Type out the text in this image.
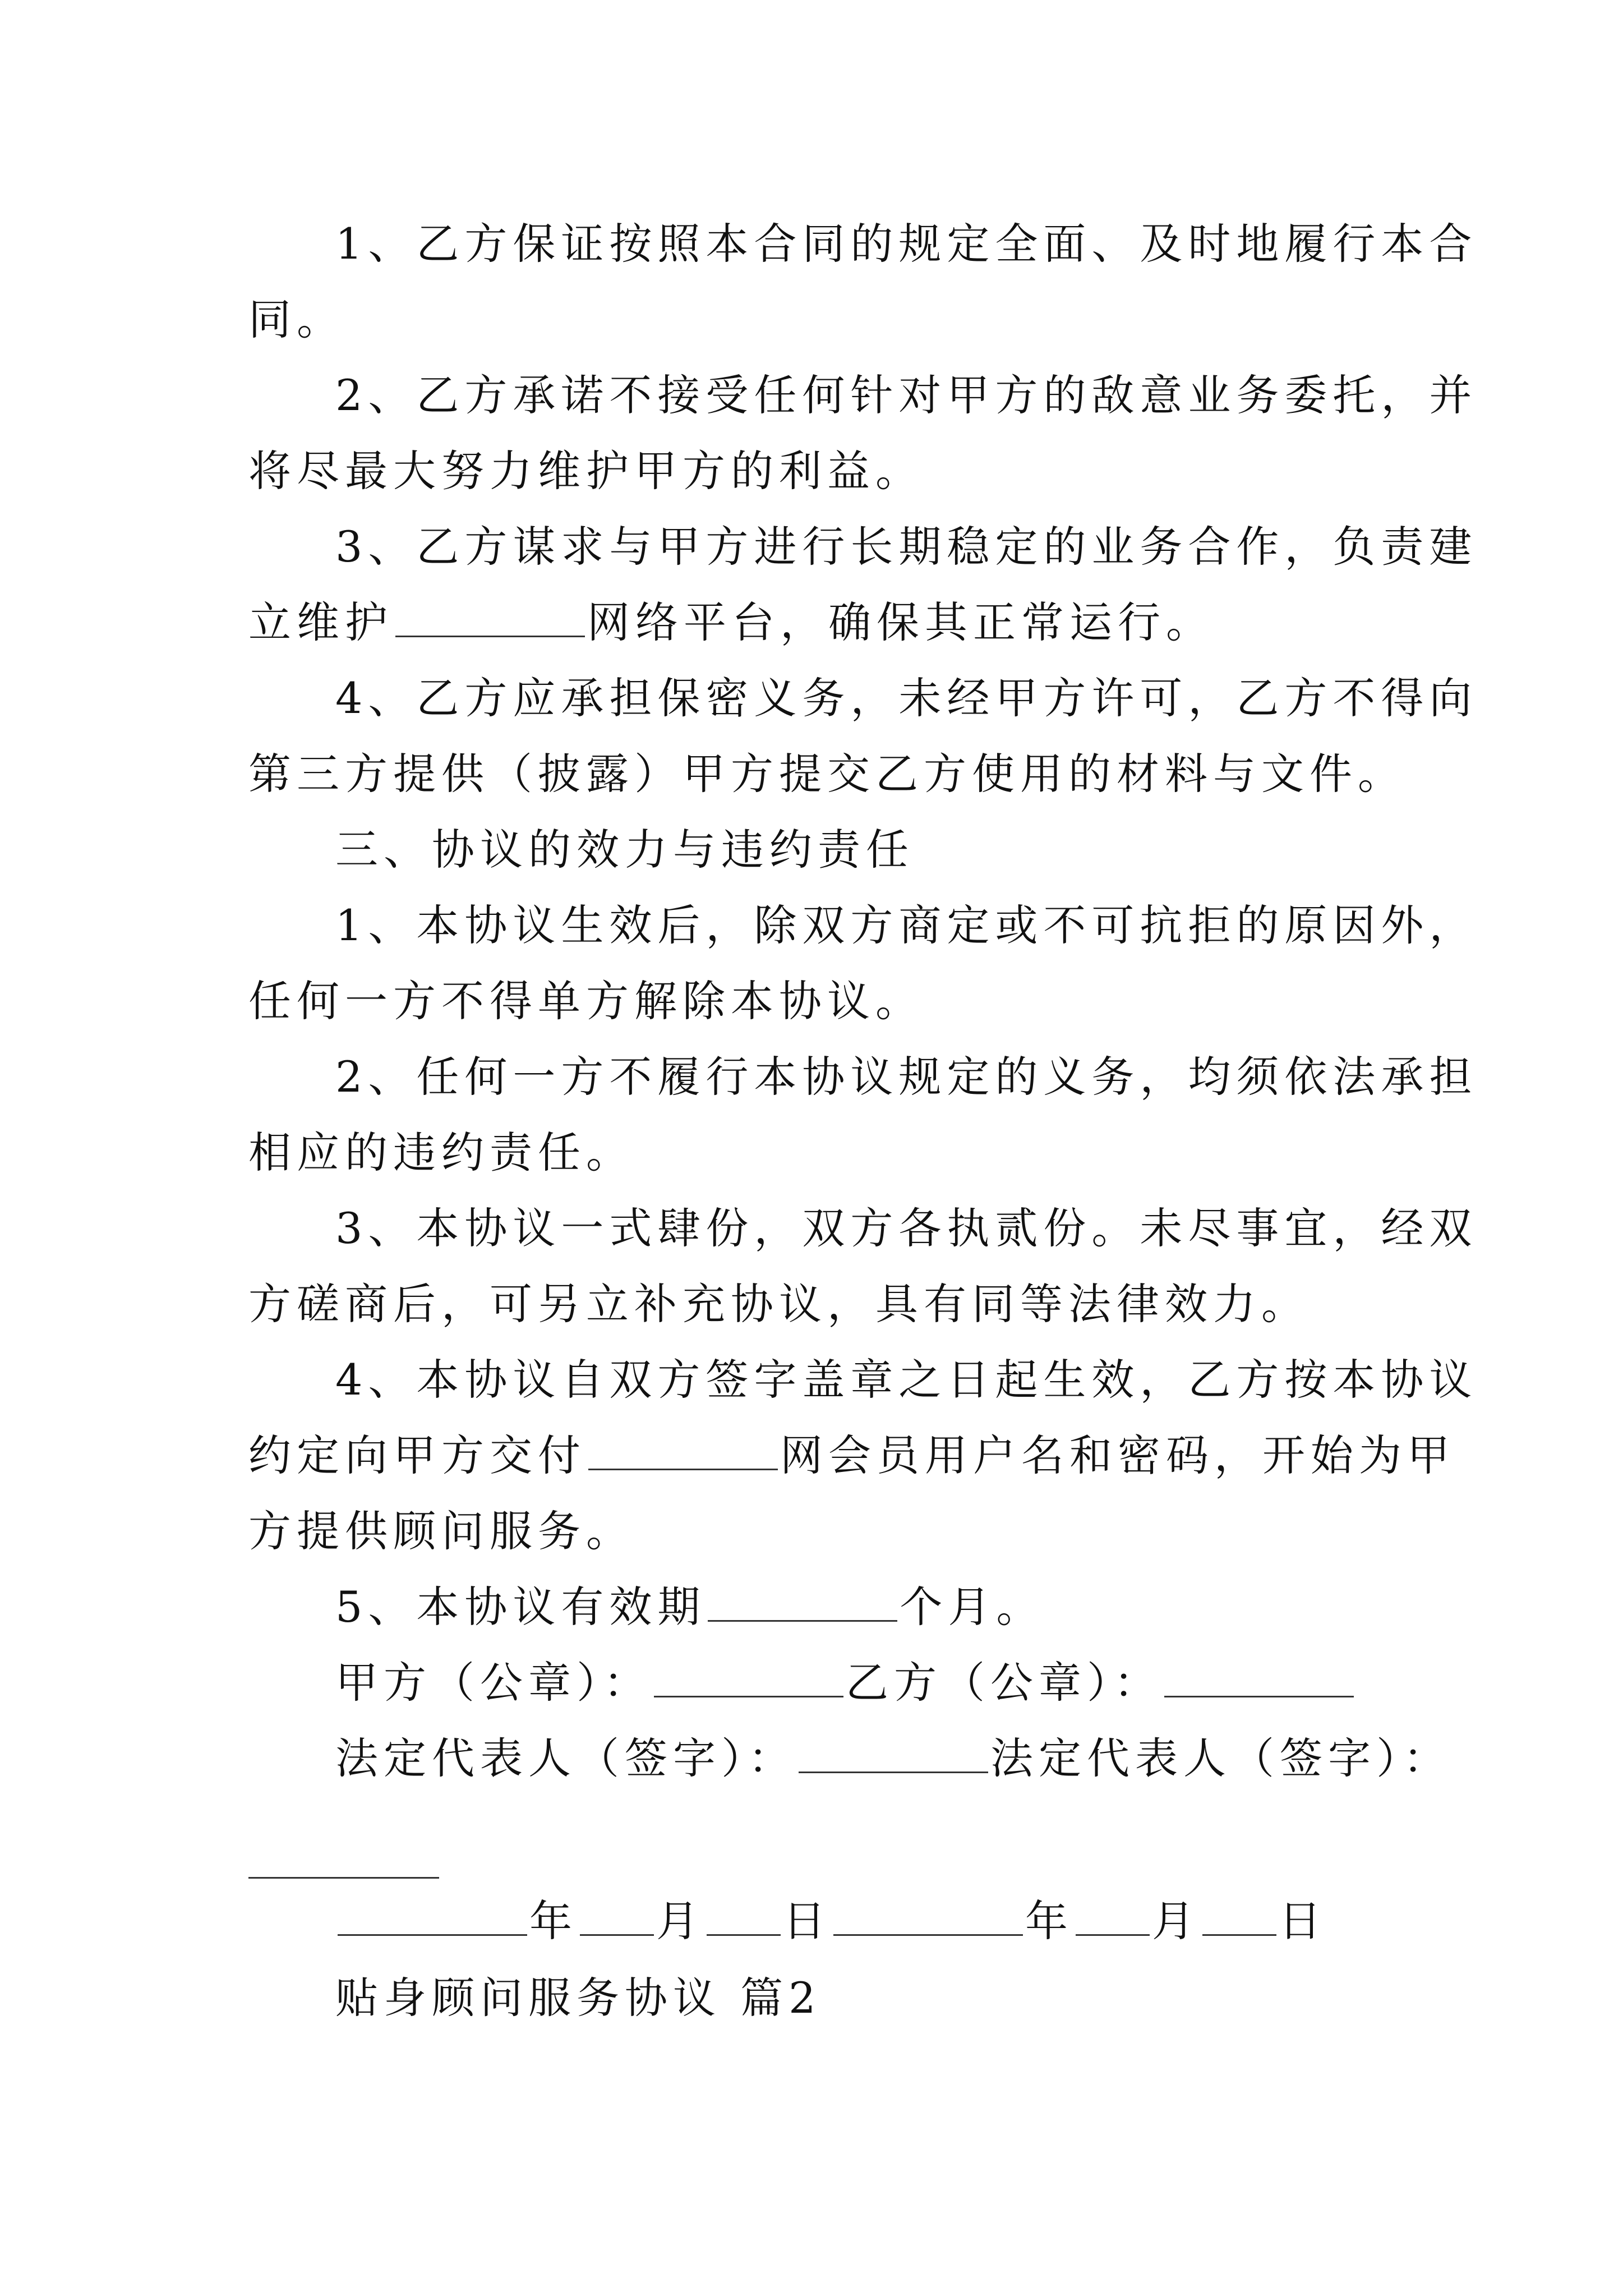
1、乙方保证按照本合同的规定全面、及时地履行本合
同。
2、乙方承诺不接受任何针对甲方的敌意业务委托，并
将尽最大努力维护甲方的利益。
3、乙方谋求与甲方进行长期稳定的业务合作，负责建
立维护	网络平台，确保其正常运行。
4、乙方应承担保密义务，未经甲方许可，乙方不得向
第三方提供（披露）甲方提交乙方使用的材料与文件。
三、协议的效力与违约责任
1、本协议生效后，除双方商定或不可抗拒的原因外，
任何一方不得单方解除本协议。
2、任何一方不履行本协议规定的义务，均须依法承担
相应的违约责任。
3、本协议一式肆份，双方各执贰份。未尽事宜，经双
方磋商后，可另立补充协议，具有同等法律效力。
4、本协议自双方签字盖章之日起生效，乙方按本协议
约定向甲方交付	网会员用户名和密码，开始为甲
方提供顾问服务。
5、本协议有效期	个月。
甲方（公章）：	乙方（公章）：
法定代表人（签字）：	法定代表人（签字）：
年 月 日	年 月 日
贴身顾问服务协议 篇2
